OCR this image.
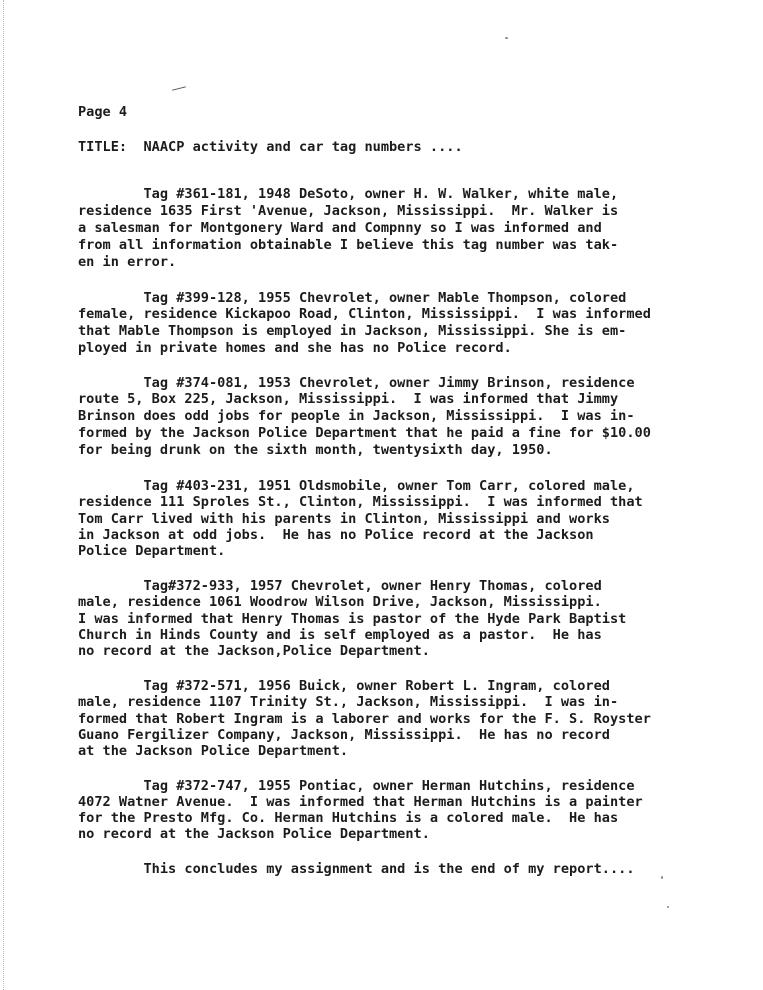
Page 4
TITLE:  NAACP activity and car tag numbers ....
Tag #361-181, 1948 DeSoto, owner H. W. Walker, white male,
residence 1635 First 'Avenue, Jackson, Mississippi.  Mr. Walker is
a salesman for Montgonery Ward and Compnny so I was informed and
from all information obtainable I believe this tag number was tak-
en in error.
Tag #399-128, 1955 Chevrolet, owner Mable Thompson, colored
female, residence Kickapoo Road, Clinton, Mississippi.  I was informed
that Mable Thompson is employed in Jackson, Mississippi. She is em-
ployed in private homes and she has no Police record.
Tag #374-081, 1953 Chevrolet, owner Jimmy Brinson, residence
route 5, Box 225, Jackson, Mississippi.  I was informed that Jimmy
Brinson does odd jobs for people in Jackson, Mississippi.  I was in-
formed by the Jackson Police Department that he paid a fine for $10.00
for being drunk on the sixth month, twentysixth day, 1950.
Tag #403-231, 1951 Oldsmobile, owner Tom Carr, colored male,
residence 111 Sproles St., Clinton, Mississippi.  I was informed that
Tom Carr lived with his parents in Clinton, Mississippi and works
in Jackson at odd jobs.  He has no Police record at the Jackson
Police Department.
Tag#372-933, 1957 Chevrolet, owner Henry Thomas, colored
male, residence 1061 Woodrow Wilson Drive, Jackson, Mississippi.
I was informed that Henry Thomas is pastor of the Hyde Park Baptist
Church in Hinds County and is self employed as a pastor.  He has
no record at the Jackson,Police Department.
Tag #372-571, 1956 Buick, owner Robert L. Ingram, colored
male, residence 1107 Trinity St., Jackson, Mississippi.  I was in-
formed that Robert Ingram is a laborer and works for the F. S. Royster
Guano Fergilizer Company, Jackson, Mississippi.  He has no record
at the Jackson Police Department.
Tag #372-747, 1955 Pontiac, owner Herman Hutchins, residence
4072 Watner Avenue.  I was informed that Herman Hutchins is a painter
for the Presto Mfg. Co. Herman Hutchins is a colored male.  He has
no record at the Jackson Police Department.
This concludes my assignment and is the end of my report....
